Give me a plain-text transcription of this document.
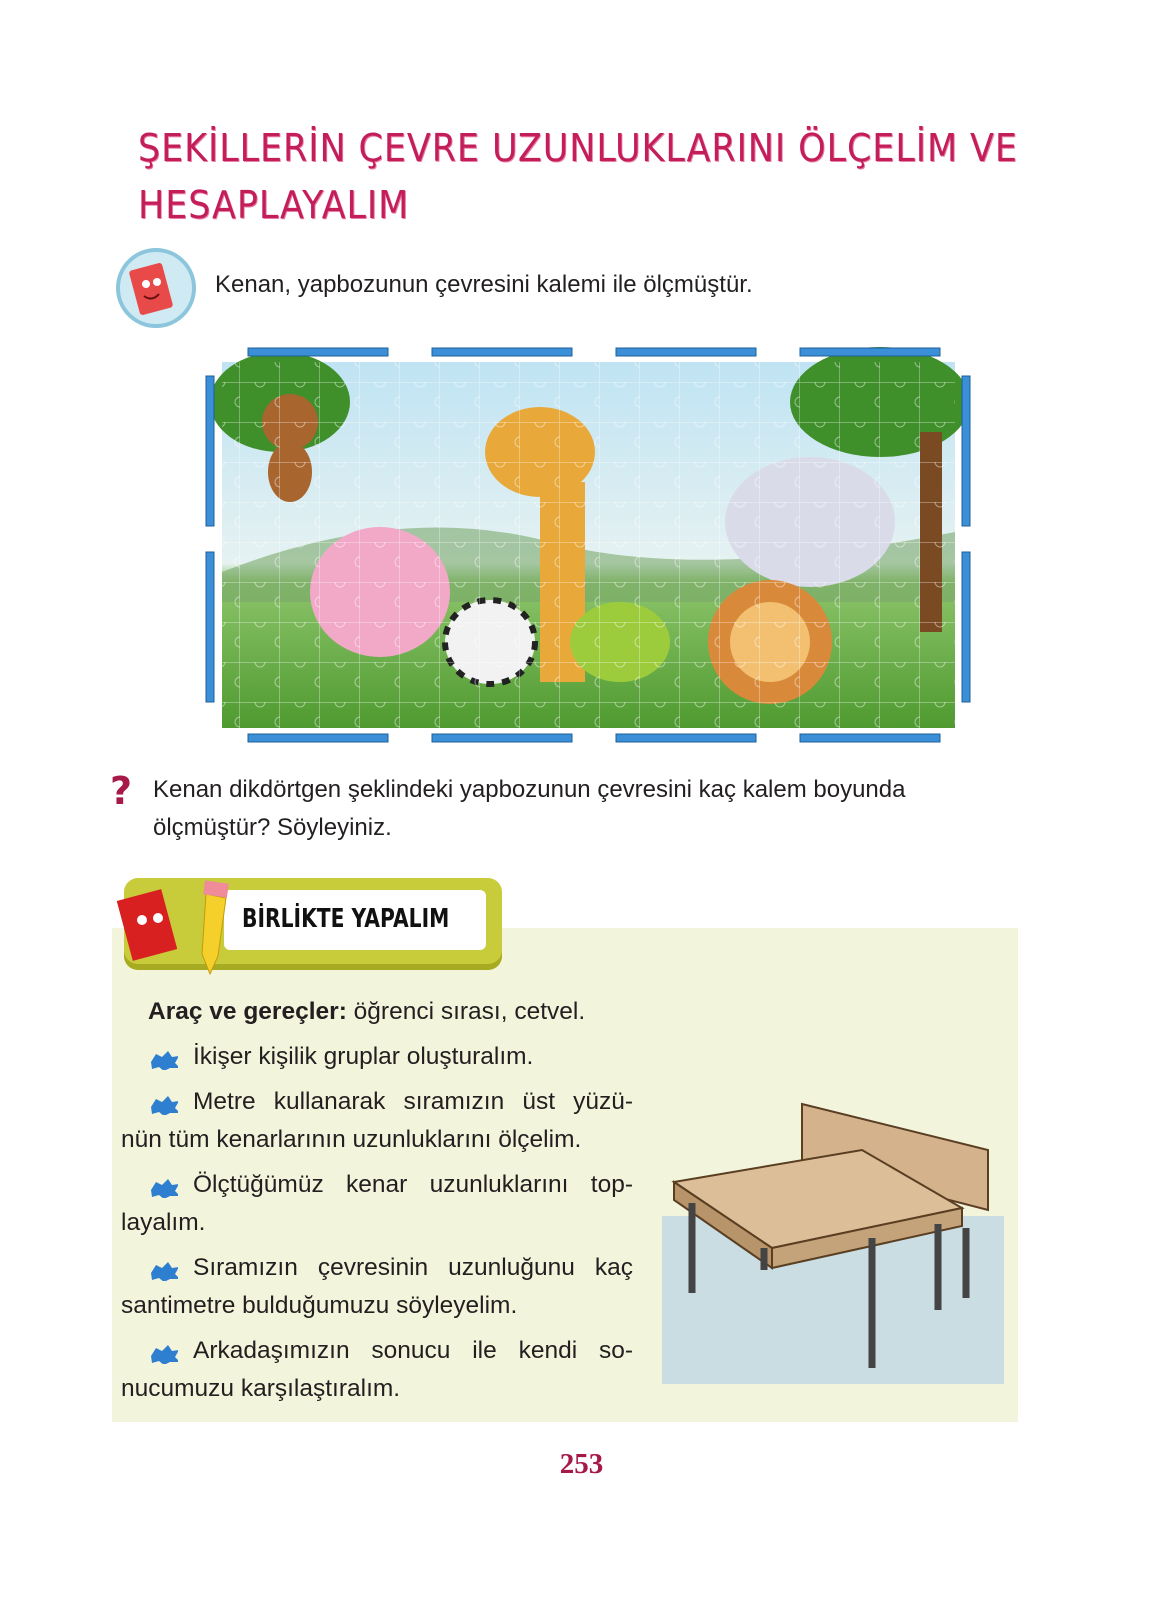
ŞEKİLLERİN ÇEVRE UZUNLUKLARINI ÖLÇELİM VE
HESAPLAYALIM
Kenan, yapbozunun çevresini kalemi ile ölçmüştür.
? Kenan dikdörtgen şeklindeki yapbozunun çevresini kaç kalem boyunda
ölçmüştür? Söyleyiniz.
BİRLİKTE YAPALIM
Araç ve gereçler: öğrenci sırası, cetvel.
İkişer kişilik gruplar oluşturalım.
Metre kullanarak sıramızın üst yüzü-
nün tüm kenarlarının uzunluklarını ölçelim.
Ölçtüğümüz kenar uzunluklarını top-
layalım.
Sıramızın çevresinin uzunluğunu kaç
santimetre bulduğumuzu söyleyelim.
Arkadaşımızın sonucu ile kendi so-
nucumuzu karşılaştıralım.
253
